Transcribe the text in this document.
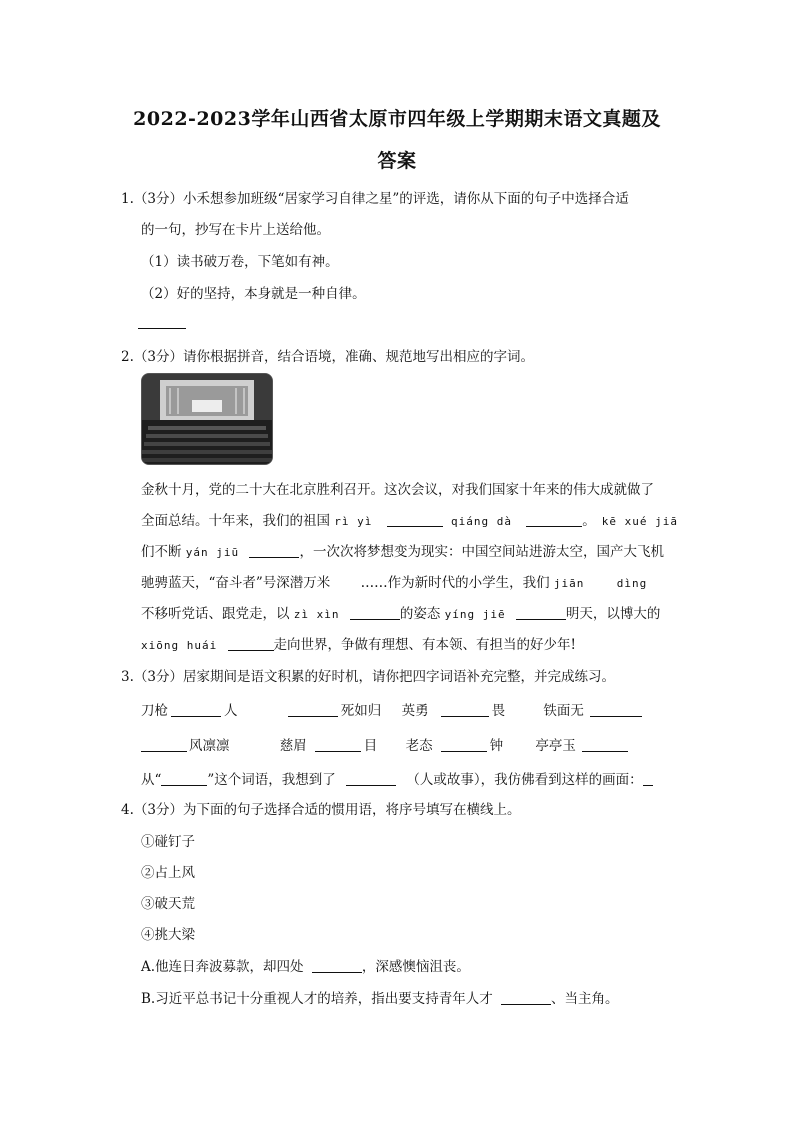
2022-2023学年山西省太原市四年级上学期期末语文真题及
答案
1.（3分）小禾想参加班级“居家学习自律之星”的评选，请你从下面的句子中选择合适
的一句，抄写在卡片上送给他。
（1）读书破万卷，下笔如有神。
（2）好的坚持，本身就是一种自律。
2.（3分）请你根据拼音，结合语境，准确、规范地写出相应的字词。
金秋十月，党的二十大在北京胜利召开。这次会议，对我们国家十年来的伟大成就做了
全面总结。十年来，我们的祖国 rì yì	qiáng dà	。 kē xué jiā
们不断 yán jiū	，一次次将梦想变为现实：中国空间站进游太空，国产大飞机
驰骋蓝天，“奋斗者”号深潜万米 ……作为新时代的小学生，我们 jiān	dìng
不移听党话、跟党走，以 zì xìn	的姿态 yíng jiē	明天，以博大的
xiōng huái	走向世界，争做有理想、有本领、有担当的好少年!
3.（3分）居家期间是语文积累的好时机，请你把四字词语补充完整，并完成练习。
刀枪	人	死如归 英勇	畏	铁面无
风凛凛	慈眉	目 老态	钟 亭亭玉
从“	”这个词语，我想到了	（人或故事），我仿佛看到这样的画面：
4.（3分）为下面的句子选择合适的惯用语，将序号填写在横线上。
①碰钉子
②占上风
③破天荒
④挑大梁
A.他连日奔波募款，却四处	，深感懊恼沮丧。
B.习近平总书记十分重视人才的培养，指出要支持青年人才	、当主角。
